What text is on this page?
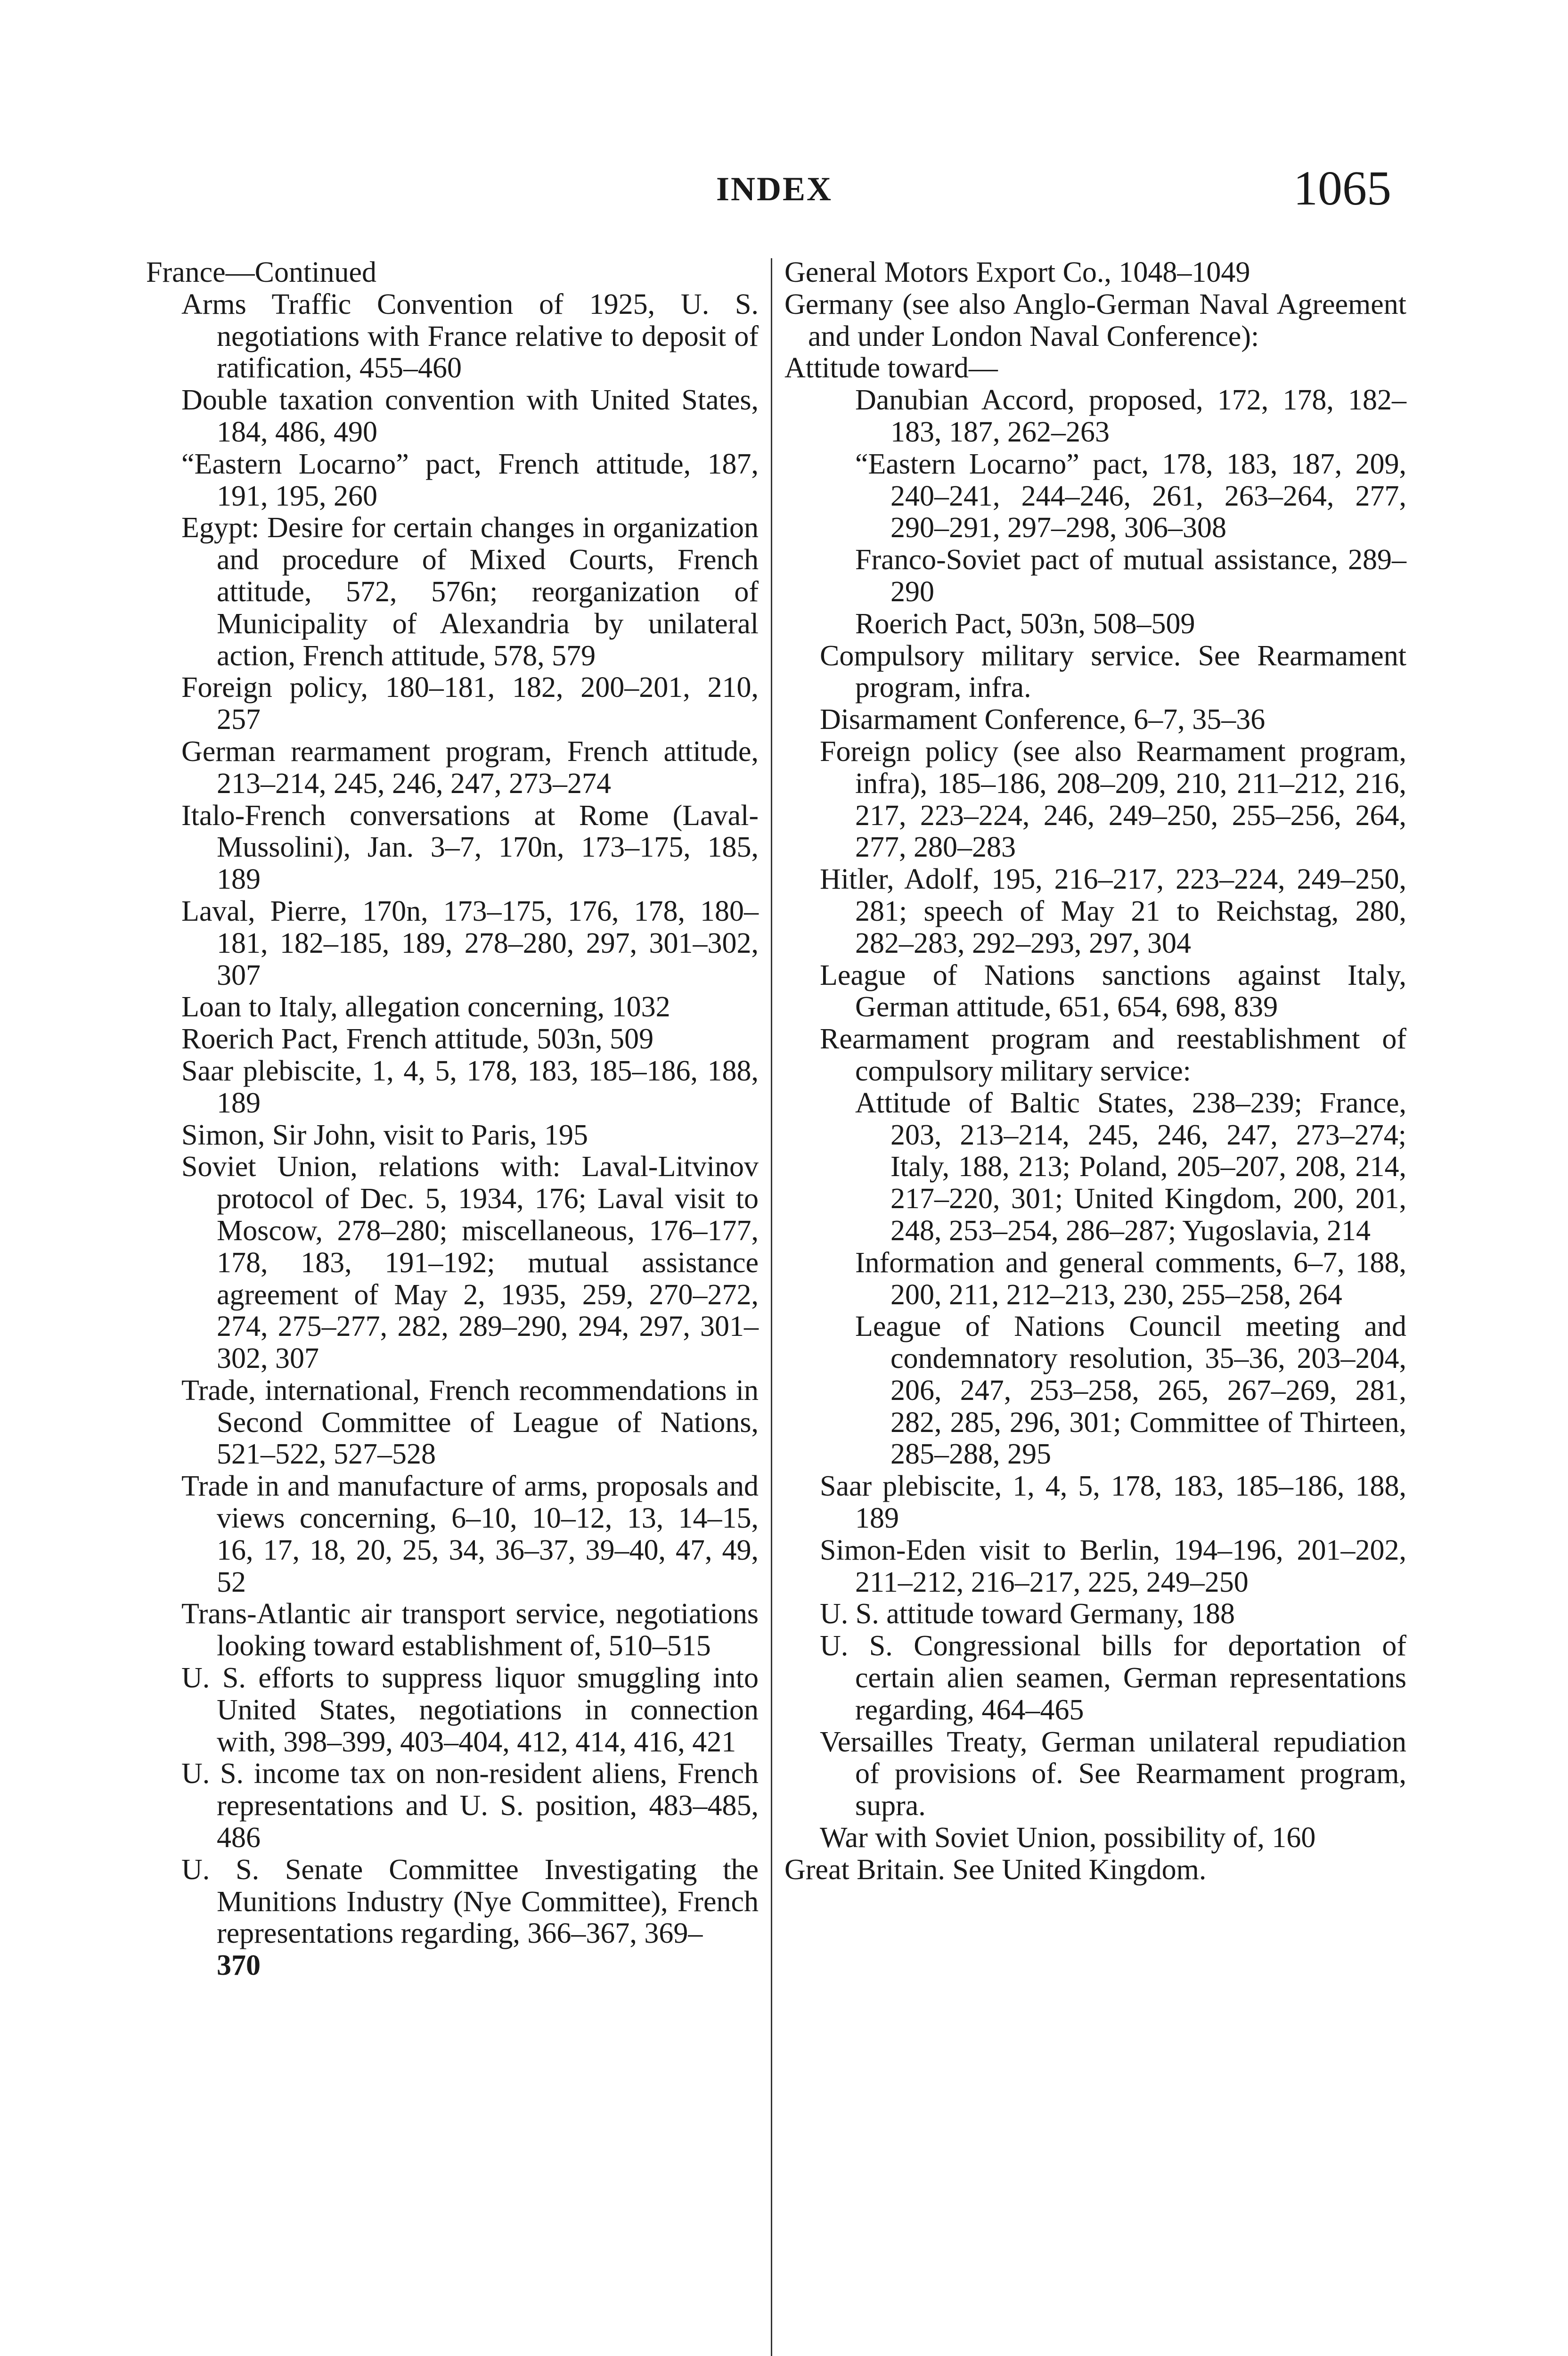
INDEX	1065
France—Continued
Arms Traffic Convention of 1925, U. S. negotiations with France relative to deposit of ratification, 455–460
Double taxation convention with United States, 184, 486, 490
“Eastern Locarno” pact, French attitude, 187, 191, 195, 260
Egypt: Desire for certain changes in organization and procedure of Mixed Courts, French attitude, 572, 576n; reorganization of Municipality of Alexandria by unilateral action, French attitude, 578, 579
Foreign policy, 180–181, 182, 200–201, 210, 257
German rearmament program, French attitude, 213–214, 245, 246, 247, 273–274
Italo-French conversations at Rome (Laval-Mussolini), Jan. 3–7, 170n, 173–175, 185, 189
Laval, Pierre, 170n, 173–175, 176, 178, 180–181, 182–185, 189, 278–280, 297, 301–302, 307
Loan to Italy, allegation concerning, 1032
Roerich Pact, French attitude, 503n, 509
Saar plebiscite, 1, 4, 5, 178, 183, 185–186, 188, 189
Simon, Sir John, visit to Paris, 195
Soviet Union, relations with: Laval-Litvinov protocol of Dec. 5, 1934, 176; Laval visit to Moscow, 278–280; miscellaneous, 176–177, 178, 183, 191–192; mutual assistance agreement of May 2, 1935, 259, 270–272, 274, 275–277, 282, 289–290, 294, 297, 301–302, 307
Trade, international, French recommendations in Second Committee of League of Nations, 521–522, 527–528
Trade in and manufacture of arms, proposals and views concerning, 6–10, 10–12, 13, 14–15, 16, 17, 18, 20, 25, 34, 36–37, 39–40, 47, 49, 52
Trans-Atlantic air transport service, negotiations looking toward establishment of, 510–515
U. S. efforts to suppress liquor smuggling into United States, negotiations in connection with, 398–399, 403–404, 412, 414, 416, 421
U. S. income tax on non-resident aliens, French representations and U. S. position, 483–485, 486
U. S. Senate Committee Investigating the Munitions Industry (Nye Committee), French representations regarding, 366–367, 369–
370
General Motors Export Co., 1048–1049
Germany (see also Anglo-German Naval Agreement and under London Naval Conference):
Attitude toward—
Danubian Accord, proposed, 172, 178, 182–183, 187, 262–263
“Eastern Locarno” pact, 178, 183, 187, 209, 240–241, 244–246, 261, 263–264, 277, 290–291, 297–298, 306–308
Franco-Soviet pact of mutual assistance, 289–290
Roerich Pact, 503n, 508–509
Compulsory military service. See Rearmament program, infra.
Disarmament Conference, 6–7, 35–36
Foreign policy (see also Rearmament program, infra), 185–186, 208–209, 210, 211–212, 216, 217, 223–224, 246, 249–250, 255–256, 264, 277, 280–283
Hitler, Adolf, 195, 216–217, 223–224, 249–250, 281; speech of May 21 to Reichstag, 280, 282–283, 292–293, 297, 304
League of Nations sanctions against Italy, German attitude, 651, 654, 698, 839
Rearmament program and reestablishment of compulsory military service:
Attitude of Baltic States, 238–239; France, 203, 213–214, 245, 246, 247, 273–274; Italy, 188, 213; Poland, 205–207, 208, 214, 217–220, 301; United Kingdom, 200, 201, 248, 253–254, 286–287; Yugoslavia, 214
Information and general comments, 6–7, 188, 200, 211, 212–213, 230, 255–258, 264
League of Nations Council meeting and condemnatory resolution, 35–36, 203–204, 206, 247, 253–258, 265, 267–269, 281, 282, 285, 296, 301; Committee of Thirteen, 285–288, 295
Saar plebiscite, 1, 4, 5, 178, 183, 185–186, 188, 189
Simon-Eden visit to Berlin, 194–196, 201–202, 211–212, 216–217, 225, 249–250
U. S. attitude toward Germany, 188
U. S. Congressional bills for deportation of certain alien seamen, German representations regarding, 464–465
Versailles Treaty, German unilateral repudiation of provisions of. See Rearmament program, supra.
War with Soviet Union, possibility of, 160
Great Britain. See United Kingdom.
